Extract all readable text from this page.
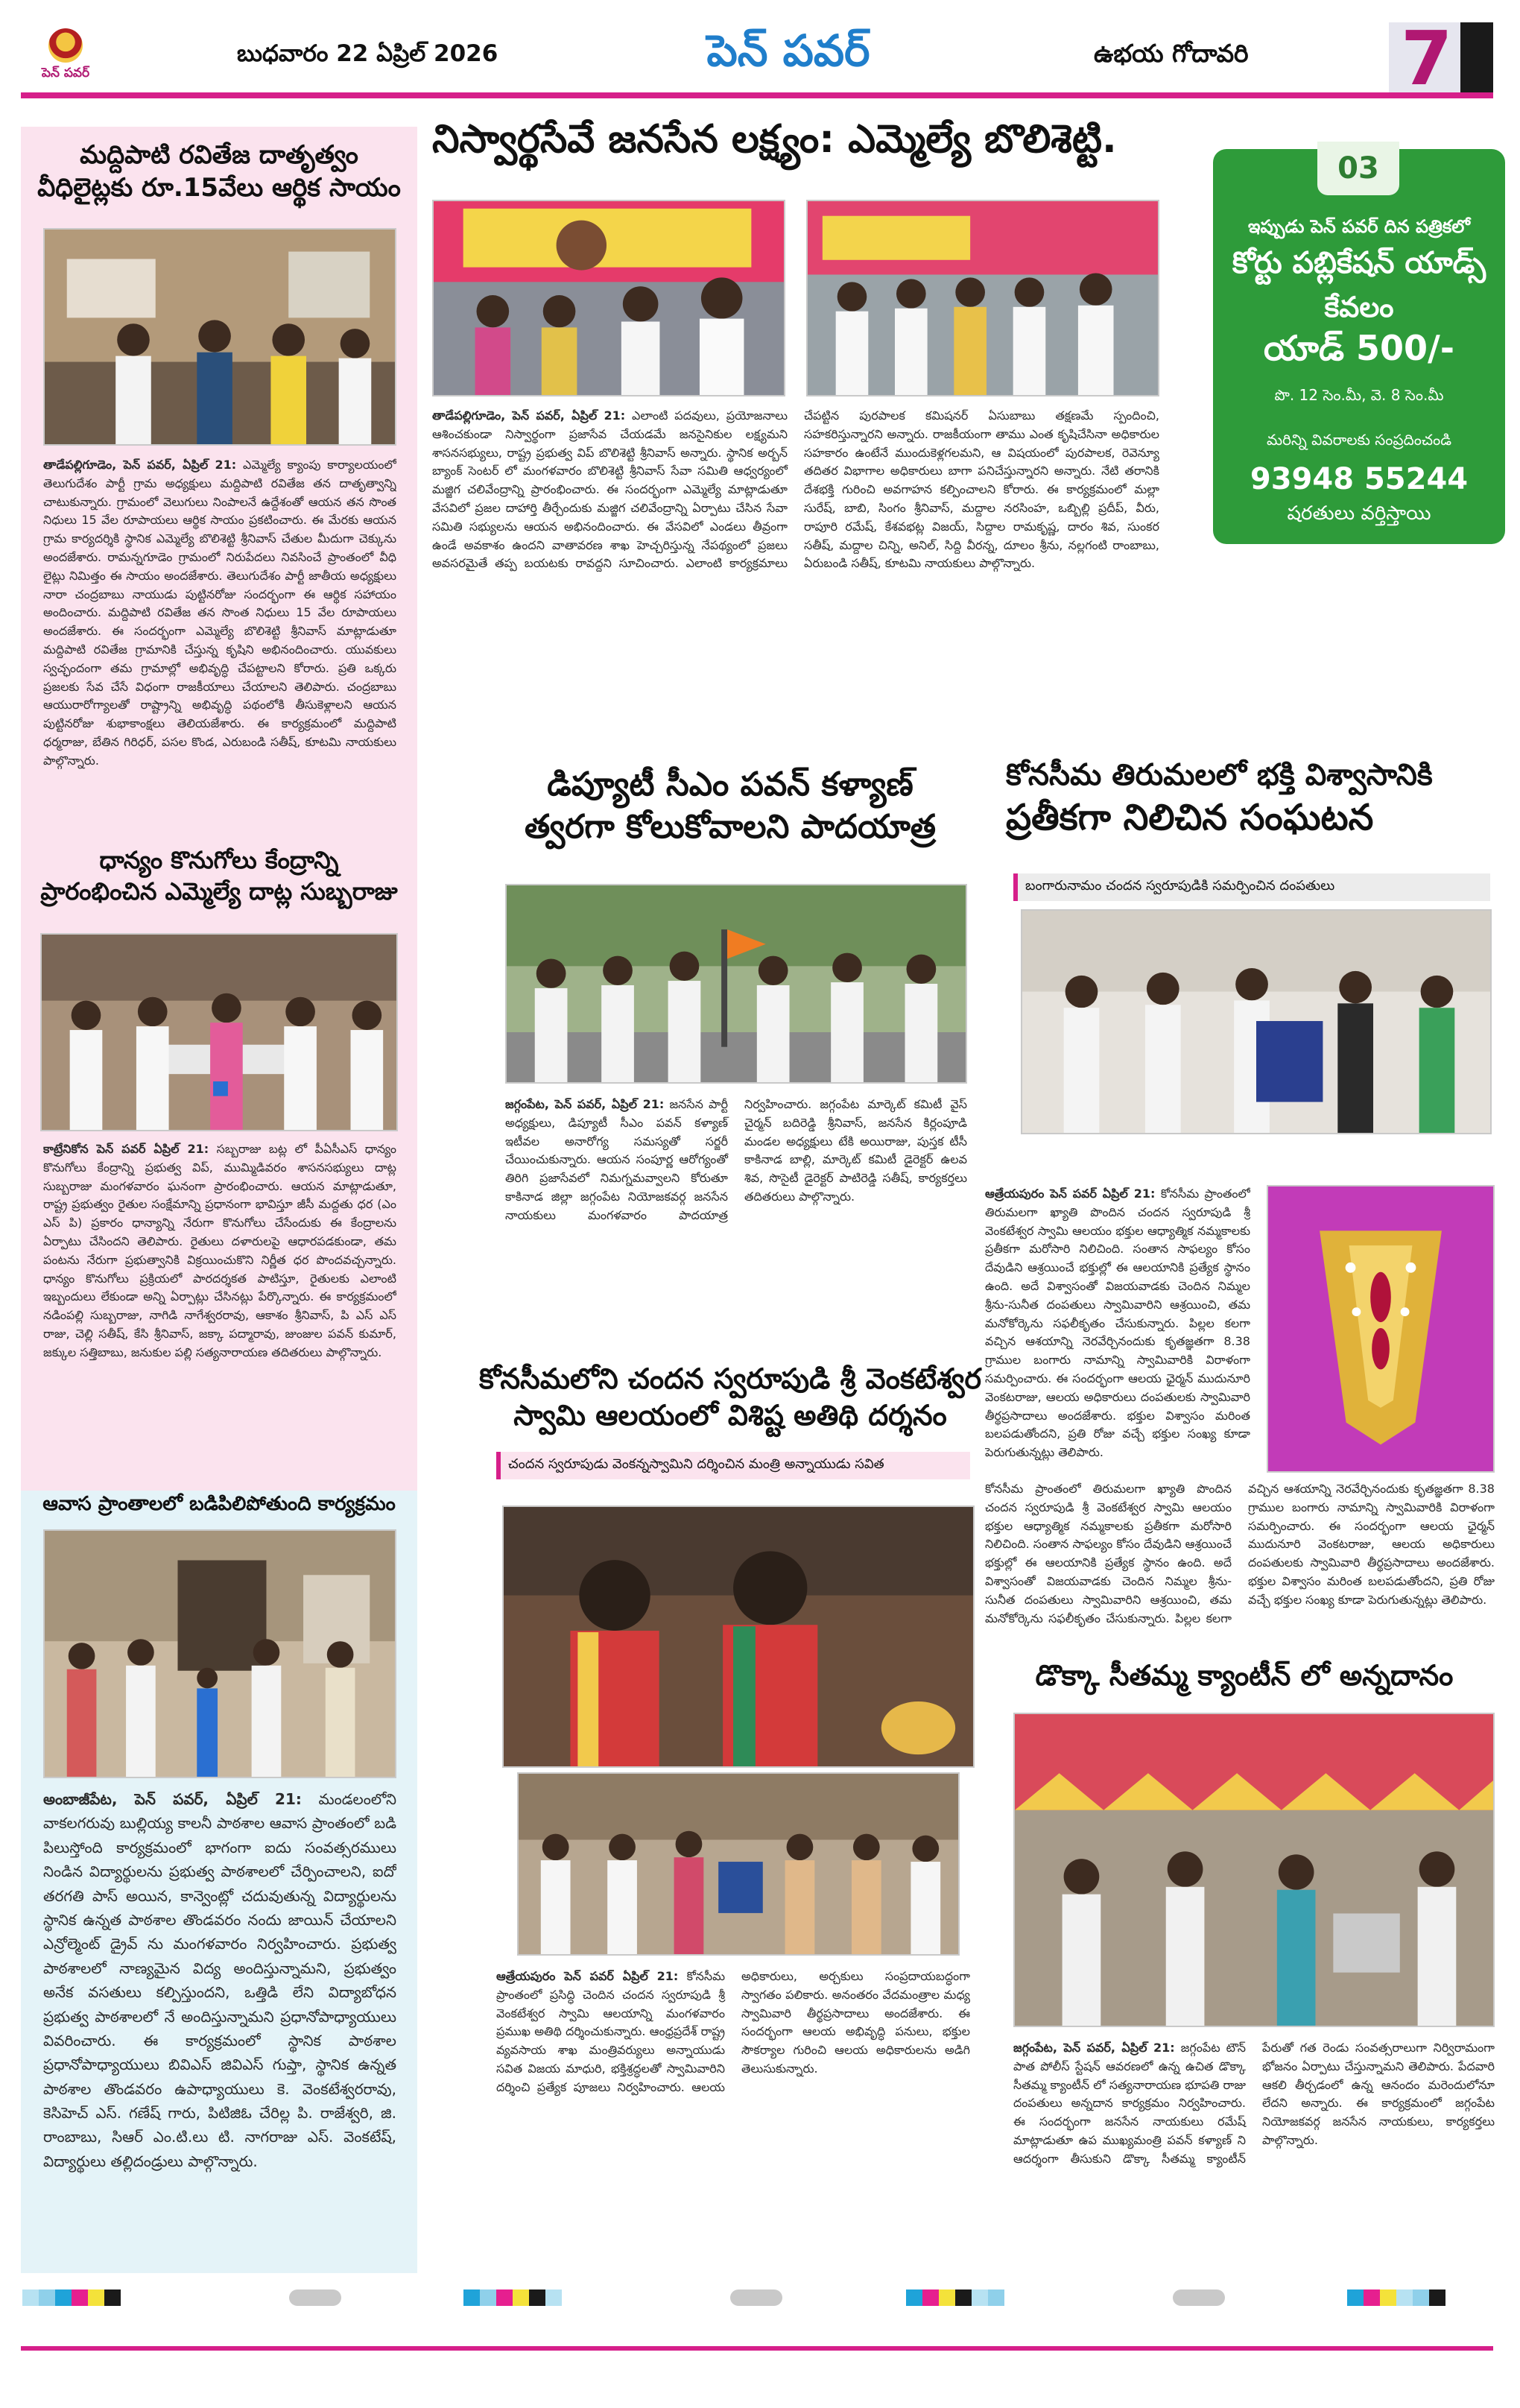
పెన్ పవర్
బుధవారం 22 ఏప్రిల్ 2026	పెన్ పవర్	ఉభయ గోదావరి 7
మద్దిపాటి రవితేజ దాతృత్వం
వీధిలైట్లకు రూ.15వేలు ఆర్థిక సాయం
తాడేపల్లిగూడెం, పెన్ పవర్, ఏప్రిల్ 21: ఎమ్మెల్యే క్యాంపు కార్యాలయంలో తెలుగుదేశం పార్టీ గ్రామ అధ్యక్షులు మద్దిపాటి రవితేజ తన దాతృత్వాన్ని చాటుకున్నారు. గ్రామంలో వెలుగులు నింపాలనే ఉద్దేశంతో ఆయన తన సొంత నిధులు 15 వేల రూపాయలు ఆర్థిక సాయం ప్రకటించారు. ఈ మేరకు ఆయన గ్రామ కార్యదర్శికి స్థానిక ఎమ్మెల్యే బొలిశెట్టి శ్రీనివాస్ చేతుల మీదుగా చెక్కును అందజేశారు. రామన్నగూడెం గ్రామంలో నిరుపేదలు నివసించే ప్రాంతంలో వీధి లైట్లు నిమిత్తం ఈ సాయం అందజేశారు. తెలుగుదేశం పార్టీ జాతీయ అధ్యక్షులు నారా చంద్రబాబు నాయుడు పుట్టినరోజు సందర్భంగా ఈ ఆర్థిక సహాయం అందించారు. మద్దిపాటి రవితేజ తన సొంత నిధులు 15 వేల రూపాయలు అందజేశారు. ఈ సందర్భంగా ఎమ్మెల్యే బొలిశెట్టి శ్రీనివాస్ మాట్లాడుతూ మద్దిపాటి రవితేజ గ్రామానికి చేస్తున్న కృషిని అభినందించారు. యువకులు స్వచ్ఛందంగా తమ గ్రామాల్లో అభివృద్ధి చేపట్టాలని కోరారు. ప్రతి ఒక్కరు ప్రజలకు సేవ చేసే విధంగా రాజకీయాలు చేయాలని తెలిపారు. చంద్రబాబు ఆయురారోగ్యాలతో రాష్ట్రాన్ని అభివృద్ధి పథంలోకి తీసుకెళ్లాలని ఆయన పుట్టినరోజు శుభాకాంక్షలు తెలియజేశారు. ఈ కార్యక్రమంలో మద్దిపాటి ధర్మరాజు, బేతిన గిరిధర్, పసల కొండ, ఎరుబండి సతీష్, కూటమి నాయకులు పాల్గొన్నారు.
ధాన్యం కొనుగోలు కేంద్రాన్ని
ప్రారంభించిన ఎమ్మెల్యే దాట్ల సుబ్బరాజు
కాట్రేనికోన పెన్ పవర్ ఏప్రిల్ 21: సబ్బరాజు బట్ల లో పీఏసీఎస్ ధాన్యం కొనుగోలు కేంద్రాన్ని ప్రభుత్వ విప్, ముమ్మిడివరం శాసనసభ్యులు దాట్ల సుబ్బరాజు మంగళవారం ఘనంగా ప్రారంభించారు. ఆయన మాట్లాడుతూ, రాష్ట్ర ప్రభుత్వం రైతుల సంక్షేమాన్ని ప్రధానంగా భావిస్తూ జీసీ మద్దతు ధర (ఎం ఎస్ పి) ప్రకారం ధాన్యాన్ని నేరుగా కొనుగోలు చేసేందుకు ఈ కేంద్రాలను ఏర్పాటు చేసిందని తెలిపారు. రైతులు దళారులపై ఆధారపడకుండా, తమ పంటను నేరుగా ప్రభుత్వానికి విక్రయించుకొని నిర్ణీత ధర పొందవచ్చన్నారు. ధాన్యం కొనుగోలు ప్రక్రియలో పారదర్శకత పాటిస్తూ, రైతులకు ఎలాంటి ఇబ్బందులు లేకుండా అన్ని ఏర్పాట్లు చేసినట్లు పేర్కొన్నారు. ఈ కార్యక్రమంలో నడింపల్లి సుబ్బరాజు, నాగిడి నాగేశ్వరరావు, ఆకాశం శ్రీనివాస్, పి ఎస్ ఎస్ రాజు, చెల్లి సతీష్, కేసి శ్రీనివాస్, జక్కా పద్మారావు, జుంజుల పవన్ కుమార్, జక్కుల సత్తిబాబు, జనుకుల పల్లి సత్యనారాయణ తదితరులు పాల్గొన్నారు.
ఆవాస ప్రాంతాలలో బడిపిలిపోతుంది కార్యక్రమం
అంబాజీపేట, పెన్ పవర్, ఏప్రిల్ 21: మండలంలోని వాకలగరువు బుల్లియ్య కాలనీ పాఠశాల ఆవాస ప్రాంతంలో బడి పిలుస్తోంది కార్యక్రమంలో భాగంగా ఐదు సంవత్సరములు నిండిన విద్యార్థులను ప్రభుత్వ పాఠశాలలో చేర్పించాలని, ఐదో తరగతి పాస్ అయిన, కాన్వెంట్లో చదువుతున్న విద్యార్థులను స్థానిక ఉన్నత పాఠశాల తొండవరం నందు జాయిన్ చేయాలని ఎన్రోల్మెంట్ డ్రైవ్ ను మంగళవారం నిర్వహించారు. ప్రభుత్వ పాఠశాలలో నాణ్యమైన విద్య అందిస్తున్నామని, ప్రభుత్వం అనేక వసతులు కల్పిస్తుందని, ఒత్తిడి లేని విద్యాబోధన ప్రభుత్వ పాఠశాలలో నే అందిస్తున్నామని ప్రధానోపాధ్యాయులు వివరించారు. ఈ కార్యక్రమంలో స్థానిక పాఠశాల ప్రధానోపాధ్యాయులు బివిఎస్ జివిఎస్ గుప్తా, స్థానిక ఉన్నత పాఠశాల తొండవరం ఉపాధ్యాయులు కె. వెంకటేశ్వరరావు, కెసిహెచ్ ఎస్. గణేష్ గారు, పిటిజిఓ చేరిల్ల పి. రాజేశ్వరి, జి. రాంబాబు, సిఆర్ ఎం.టి.లు టి. నాగరాజు ఎస్. వెంకటేష్, విద్యార్థులు తల్లిదండ్రులు పాల్గొన్నారు.
నిస్వార్థసేవే జనసేన లక్ష్యం: ఎమ్మెల్యే బొలిశెట్టి.
తాడేపల్లిగూడెం, పెన్ పవర్, ఏప్రిల్ 21: ఎలాంటి పదవులు, ప్రయోజనాలు ఆశించకుండా నిస్వార్థంగా ప్రజాసేవ చేయడమే జనసైనికుల లక్ష్యమని శాసనసభ్యులు, రాష్ట్ర ప్రభుత్వ విప్ బొలిశెట్టి శ్రీనివాస్ అన్నారు. స్థానిక అర్బన్ బ్యాంక్ సెంటర్ లో మంగళవారం బొలిశెట్టి శ్రీనివాస్ సేవా సమితి ఆధ్వర్యంలో మజ్జిగ చలివేంద్రాన్ని ప్రారంభించారు. ఈ సందర్భంగా ఎమ్మెల్యే మాట్లాడుతూ వేసవిలో ప్రజల దాహార్తి తీర్చేందుకు మజ్జిగ చలివేంద్రాన్ని ఏర్పాటు చేసిన సేవా సమితి సభ్యులను ఆయన అభినందించారు. ఈ వేసవిలో ఎండలు తీవ్రంగా ఉండే అవకాశం ఉందని వాతావరణ శాఖ హెచ్చరిస్తున్న నేపథ్యంలో ప్రజలు అవసరమైతే తప్ప బయటకు రావద్దని సూచించారు. ఎలాంటి కార్యక్రమాలు చేపట్టిన పురపాలక కమిషనర్ ఏసుబాబు తక్షణమే స్పందించి, సహకరిస్తున్నారని అన్నారు. రాజకీయంగా తాము ఎంత కృషిచేసినా అధికారుల సహకారం ఉంటేనే ముందుకెళ్లగలమని, ఆ విషయంలో పురపాలక, రెవెన్యూ తదితర విభాగాల అధికారులు బాగా పనిచేస్తున్నారని అన్నారు. నేటి తరానికి దేశభక్తి గురించి అవగాహన కల్పించాలని కోరారు. ఈ కార్యక్రమంలో మల్లా సురేష్, బాబి, సింగం శ్రీనివాస్, మద్దాల నరసింహ, ఒబ్బిల్లి ప్రదీప్, వీరు, రాపూరి రమేష్, కేశవభట్ల విజయ్, సిద్దాల రామకృష్ణ, దారం శివ, సుంకర సతీష్, మద్దాల చిన్ని, అనిల్, సిద్ది వీరన్న, దూలం శ్రీను, నల్లగంటి రాంబాబు, ఏరుబండి సతీష్, కూటమి నాయకులు పాల్గొన్నారు.
03
ఇప్పుడు పెన్ పవర్ దిన పత్రికలో
కోర్టు పబ్లికేషన్ యాడ్స్
కేవలం
యాడ్ 500/-
పొ. 12 సెం.మీ, వె. 8 సెం.మీ
మరిన్ని వివరాలకు సంప్రదించండి
93948 55244
షరతులు వర్తిస్తాయి
డిప్యూటీ సీఎం పవన్ కళ్యాణ్
త్వరగా కోలుకోవాలని పాదయాత్ర
జగ్గంపేట, పెన్ పవర్, ఏప్రిల్ 21: జనసేన పార్టీ అధ్యక్షులు, డిప్యూటీ సీఎం పవన్ కళ్యాణ్ ఇటీవల అనారోగ్య సమస్యతో సర్జరీ చేయించుకున్నారు. ఆయన సంపూర్ణ ఆరోగ్యంతో తిరిగి ప్రజాసేవలో నిమగ్నమవ్వాలని కోరుతూ కాకినాడ జిల్లా జగ్గంపేట నియోజకవర్గ జనసేన నాయకులు మంగళవారం పాదయాత్ర నిర్వహించారు. జగ్గంపేట మార్కెట్ కమిటీ వైస్ చైర్మన్ బదిరెడ్డి శ్రీనివాస్, జనసేన కిర్లంపూడి మండల అధ్యక్షులు టేకి అయిరాజు, పుస్తక టీసీ కాకినాడ బాల్లి, మార్కెట్ కమిటీ డైరెక్టర్ ఉలవ శివ, సొసైటీ డైరెక్టర్ పాటిరెడ్డి సతీష్, కార్యకర్తలు తదితరులు పాల్గొన్నారు.
కోనసీమలోని చందన స్వరూపుడి శ్రీ వెంకటేశ్వర
స్వామి ఆలయంలో విశిష్ట అతిథి దర్శనం
చందన స్వరూపుడు వెంకన్నస్వామిని దర్శించిన మంత్రి అన్నాయుడు సవిత
ఆత్రేయపురం పెన్ పవర్ ఏప్రిల్ 21: కోనసీమ ప్రాంతంలో ప్రసిద్ధి చెందిన చందన స్వరూపుడి శ్రీ వెంకటేశ్వర స్వామి ఆలయాన్ని మంగళవారం ప్రముఖ అతిథి దర్శించుకున్నారు. ఆంధ్రప్రదేశ్ రాష్ట్ర వ్యవసాయ శాఖ మంత్రివర్యులు అన్నాయుడు సవిత విజయ మాధురి, భక్తిశ్రద్ధలతో స్వామివారిని దర్శించి ప్రత్యేక పూజలు నిర్వహించారు. ఆలయ అధికారులు, అర్చకులు సంప్రదాయబద్ధంగా స్వాగతం పలికారు. అనంతరం వేదమంత్రాల మధ్య స్వామివారి తీర్థప్రసాదాలు అందజేశారు. ఈ సందర్భంగా ఆలయ అభివృద్ధి పనులు, భక్తుల సౌకర్యాల గురించి ఆలయ అధికారులను అడిగి తెలుసుకున్నారు.
కోనసీమ తిరుమలలో భక్తి విశ్వాసానికి
ప్రతీకగా నిలిచిన సంఘటన
బంగారునామం చందన స్వరూపుడికి సమర్పించిన దంపతులు
ఆత్రేయపురం పెన్ పవర్ ఏప్రిల్ 21: కోనసీమ ప్రాంతంలో తిరుమలగా ఖ్యాతి పొందిన చందన స్వరూపుడి శ్రీ వెంకటేశ్వర స్వామి ఆలయం భక్తుల ఆధ్యాత్మిక నమ్మకాలకు ప్రతీకగా మరోసారి నిలిచింది. సంతాన సాఫల్యం కోసం దేవుడిని ఆశ్రయించే భక్తుల్లో ఈ ఆలయానికి ప్రత్యేక స్థానం ఉంది. అదే విశ్వాసంతో విజయవాడకు చెందిన నిమ్మల శ్రీను-సునీత దంపతులు స్వామివారిని ఆశ్రయించి, తమ మనోకోర్కెను సఫలీకృతం చేసుకున్నారు. పిల్లల కలగా వచ్చిన ఆశయాన్ని నెరవేర్చినందుకు కృతజ్ఞతగా 8.38 గ్రాముల బంగారు నామాన్ని స్వామివారికి విరాళంగా సమర్పించారు. ఈ సందర్భంగా ఆలయ ఛైర్మన్ ముదునూరి వెంకటరాజు, ఆలయ అధికారులు దంపతులకు స్వామివారి తీర్థప్రసాదాలు అందజేశారు. భక్తుల విశ్వాసం మరింత బలపడుతోందని, ప్రతి రోజు వచ్చే భక్తుల సంఖ్య కూడా పెరుగుతున్నట్లు తెలిపారు.
కోనసీమ ప్రాంతంలో తిరుమలగా ఖ్యాతి పొందిన చందన స్వరూపుడి శ్రీ వెంకటేశ్వర స్వామి ఆలయం భక్తుల ఆధ్యాత్మిక నమ్మకాలకు ప్రతీకగా మరోసారి నిలిచింది. సంతాన సాఫల్యం కోసం దేవుడిని ఆశ్రయించే భక్తుల్లో ఈ ఆలయానికి ప్రత్యేక స్థానం ఉంది. అదే విశ్వాసంతో విజయవాడకు చెందిన నిమ్మల శ్రీను-సునీత దంపతులు స్వామివారిని ఆశ్రయించి, తమ మనోకోర్కెను సఫలీకృతం చేసుకున్నారు. పిల్లల కలగా వచ్చిన ఆశయాన్ని నెరవేర్చినందుకు కృతజ్ఞతగా 8.38 గ్రాముల బంగారు నామాన్ని స్వామివారికి విరాళంగా సమర్పించారు. ఈ సందర్భంగా ఆలయ ఛైర్మన్ ముదునూరి వెంకటరాజు, ఆలయ అధికారులు దంపతులకు స్వామివారి తీర్థప్రసాదాలు అందజేశారు. భక్తుల విశ్వాసం మరింత బలపడుతోందని, ప్రతి రోజు వచ్చే భక్తుల సంఖ్య కూడా పెరుగుతున్నట్లు తెలిపారు.
డొక్కా సీతమ్మ క్యాంటీన్ లో అన్నదానం
జగ్గంపేట, పెన్ పవర్, ఏప్రిల్ 21: జగ్గంపేట టౌన్ పాత పోలీస్ స్టేషన్ ఆవరణలో ఉన్న ఉచిత డొక్కా సీతమ్మ క్యాంటీన్ లో సత్యనారాయణ భూపతి రాజు దంపతులు అన్నదాన కార్యక్రమం నిర్వహించారు. ఈ సందర్భంగా జనసేన నాయకులు రమేష్ మాట్లాడుతూ ఉప ముఖ్యమంత్రి పవన్ కళ్యాణ్ ని ఆదర్శంగా తీసుకుని డొక్కా సీతమ్మ క్యాంటీన్ పేరుతో గత రెండు సంవత్సరాలుగా నిర్విరామంగా భోజనం ఏర్పాటు చేస్తున్నామని తెలిపారు. పేదవారి ఆకలి తీర్చడంలో ఉన్న ఆనందం మరెందులోనూ లేదని అన్నారు. ఈ కార్యక్రమంలో జగ్గంపేట నియోజకవర్గ జనసేన నాయకులు, కార్యకర్తలు పాల్గొన్నారు.
